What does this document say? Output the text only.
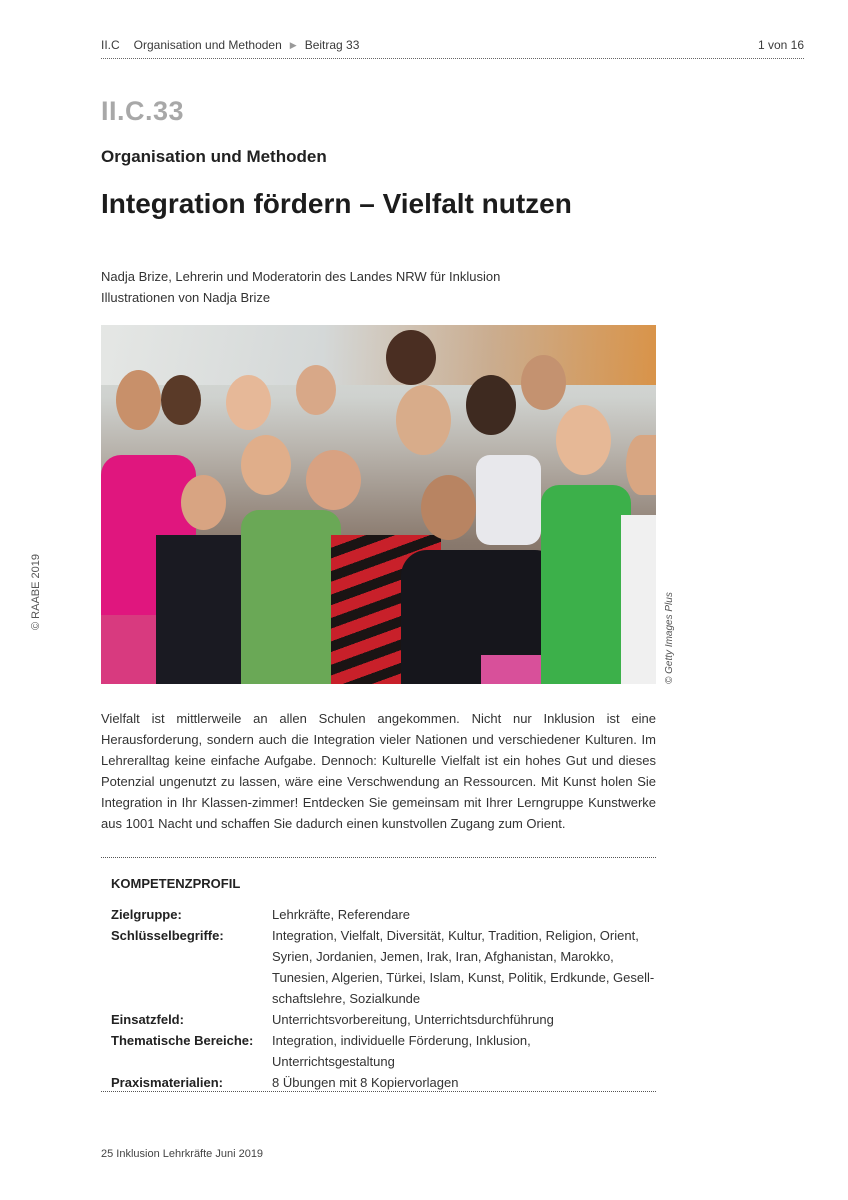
II.C Organisation und Methoden ▶ Beitrag 33	1 von 16
© RAABE 2019
II.C.33
Organisation und Methoden
Integration fördern – Vielfalt nutzen
Nadja Brize, Lehrerin und Moderatorin des Landes NRW für Inklusion
Illustrationen von Nadja Brize
© Getty Images Plus
Vielfalt ist mittlerweile an allen Schulen angekommen. Nicht nur Inklusion ist eine Herausforderung, sondern auch die Integration vieler Nationen und verschiedener Kulturen. Im Lehreralltag keine einfache Aufgabe. Dennoch: Kulturelle Vielfalt ist ein hohes Gut und dieses Potenzial ungenutzt zu lassen, wäre eine Verschwendung an Ressourcen. Mit Kunst holen Sie Integration in Ihr Klassen-zimmer! Entdecken Sie gemeinsam mit Ihrer Lerngruppe Kunstwerke aus 1001 Nacht und schaffen Sie dadurch einen kunstvollen Zugang zum Orient.
KOMPETENZPROFIL
Zielgruppe:	Lehrkräfte, Referendare
Schlüsselbegriffe:	Integration, Vielfalt, Diversität, Kultur, Tradition, Religion, Orient, Syrien, Jordanien, Jemen, Irak, Iran, Afghanistan, Marokko, Tunesien, Algerien, Türkei, Islam, Kunst, Politik, Erdkunde, Gesell-schaftslehre, Sozialkunde
Einsatzfeld:	Unterrichtsvorbereitung, Unterrichtsdurchführung
Thematische Bereiche:	Integration, individuelle Förderung, Inklusion, Unterrichtsgestaltung
Praxismaterialien:	8 Übungen mit 8 Kopiervorlagen
25 Inklusion Lehrkräfte Juni 2019
